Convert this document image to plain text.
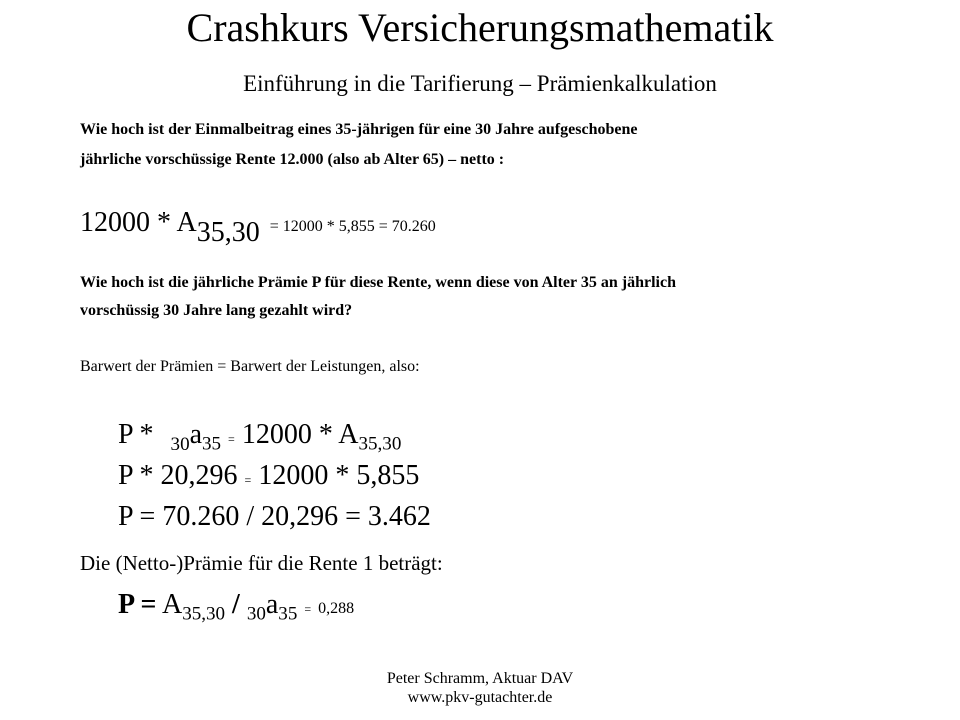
Crashkurs Versicherungsmathematik
Einführung in die Tarifierung – Prämienkalkulation
Wie hoch ist der Einmalbeitrag eines 35-jährigen für eine 30 Jahre aufgeschobene
jährliche vorschüssige Rente 12.000 (also ab Alter 65) – netto :
$12000 * A_{35,30} = 12000 * 5,855 = 70.260$
Wie hoch ist die jährliche Prämie P für diese Rente, wenn diese von Alter 35 an jährlich
vorschüssig 30 Jahre lang gezahlt wird?
Barwert der Prämien = Barwert der Leistungen, also:
$P * _{30}a_{35} = 12000 * A_{35,30}$
P * 20,296 = 12000 * 5,855
P = 70.260 / 20,296 = 3.462
Die (Netto-)Prämie für die Rente 1 beträgt:
$P = A_{35,30} / _{30}a_{35} = 0,288$
Peter Schramm, Aktuar DAV
www.pkv-gutachter.de
